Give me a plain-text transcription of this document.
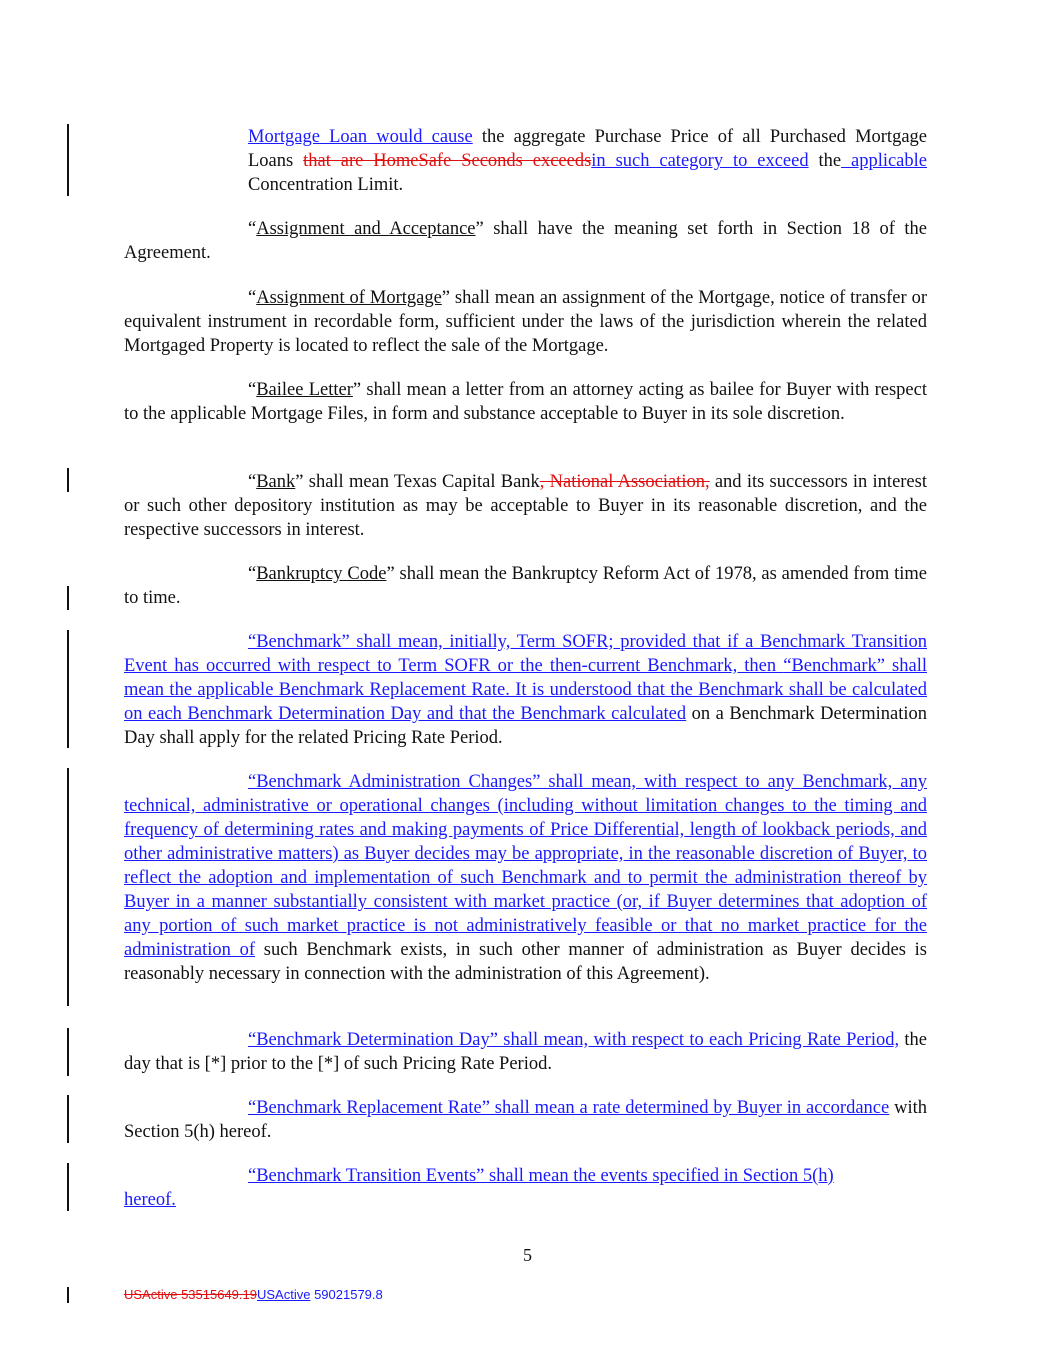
Mortgage Loan would cause the aggregate Purchase Price of all Purchased Mortgage Loans that are HomeSafe Seconds exceedsin such category to exceed the applicable Concentration Limit.
“Assignment and Acceptance” shall have the meaning set forth in Section 18 of the Agreement.
“Assignment of Mortgage” shall mean an assignment of the Mortgage, notice of transfer or equivalent instrument in recordable form, sufficient under the laws of the jurisdiction wherein the related Mortgaged Property is located to reflect the sale of the Mortgage.
“Bailee Letter” shall mean a letter from an attorney acting as bailee for Buyer with respect to the applicable Mortgage Files, in form and substance acceptable to Buyer in its sole discretion.
“Bank” shall mean Texas Capital Bank, National Association, and its successors in interest or such other depository institution as may be acceptable to Buyer in its reasonable discretion, and the respective successors in interest.
“Bankruptcy Code” shall mean the Bankruptcy Reform Act of 1978, as amended from time to time.
“Benchmark” shall mean, initially, Term SOFR; provided that if a Benchmark Transition Event has occurred with respect to Term SOFR or the then-current Benchmark, then “Benchmark” shall mean the applicable Benchmark Replacement Rate. It is understood that the Benchmark shall be calculated on each Benchmark Determination Day and that the Benchmark calculated on a Benchmark Determination Day shall apply for the related Pricing Rate Period.
“Benchmark Administration Changes” shall mean, with respect to any Benchmark, any technical, administrative or operational changes (including without limitation changes to the timing and frequency of determining rates and making payments of Price Differential, length of lookback periods, and other administrative matters) as Buyer decides may be appropriate, in the reasonable discretion of Buyer, to reflect the adoption and implementation of such Benchmark and to permit the administration thereof by Buyer in a manner substantially consistent with market practice (or, if Buyer determines that adoption of any portion of such market practice is not administratively feasible or that no market practice for the administration of such Benchmark exists, in such other manner of administration as Buyer decides is reasonably necessary in connection with the administration of this Agreement).
“Benchmark Determination Day” shall mean, with respect to each Pricing Rate Period, the day that is [*] prior to the [*] of such Pricing Rate Period.
“Benchmark Replacement Rate” shall mean a rate determined by Buyer in accordance with Section 5(h) hereof.
“Benchmark Transition Events” shall mean the events specified in Section 5(h)
hereof.
5
USActive 53515649.19USActive 59021579.8
